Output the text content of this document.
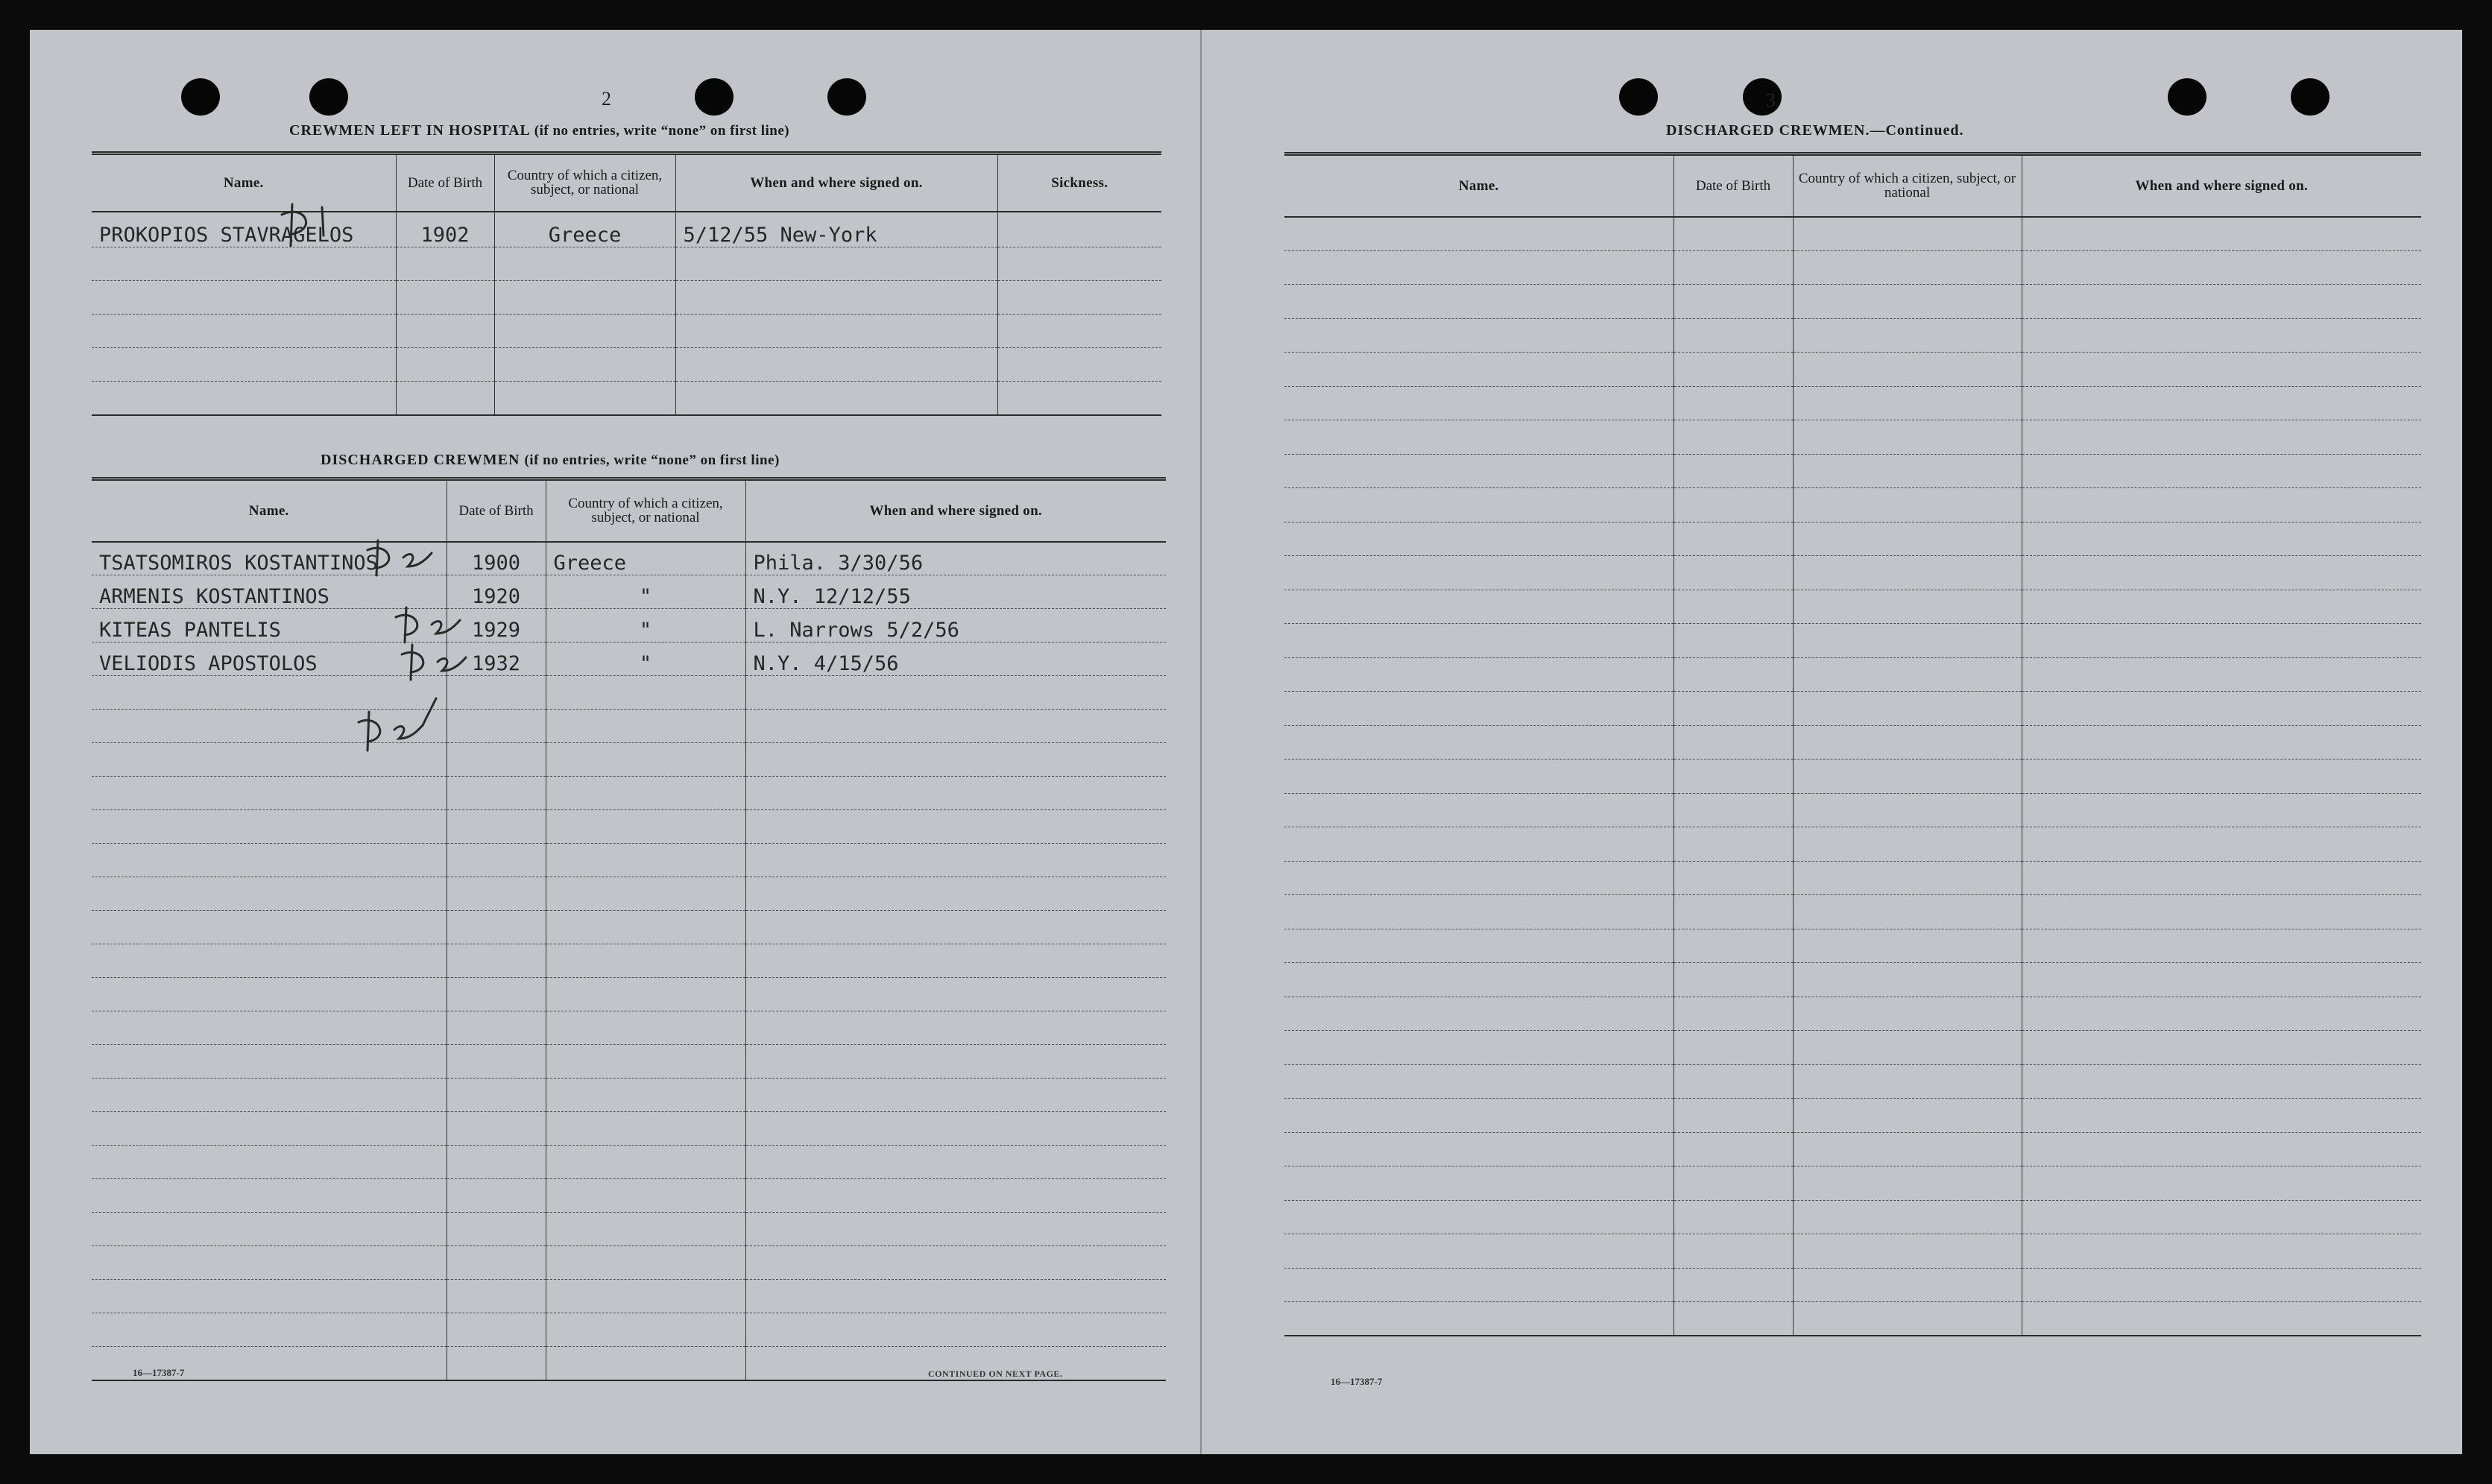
2
CREWMEN LEFT IN HOSPITAL (if no entries, write “none” on first line)
Name.	Date of Birth	Country of which a citizen, subject, or national	When and where signed on.	Sickness.
PROKOPIOS STAVRAGELOS	1902	Greece	5/12/55 New-York	

DISCHARGED CREWMEN (if no entries, write “none” on first line)
Name.	Date of Birth	Country of which a citizen, subject, or national	When and where signed on.
TSATSOMIROS KOSTANTINOS	1900	Greece	Phila. 3/30/56
ARMENIS KOSTANTINOS	1920	"	N.Y. 12/12/55
KITEAS PANTELIS	1929	"	L. Narrows 5/2/56
VELIODIS APOSTOLOS	1932	"	N.Y. 4/15/56

16—17387-7	CONTINUED ON NEXT PAGE.
3
DISCHARGED CREWMEN.—Continued.
Name.	Date of Birth	Country of which a citizen, subject, or national	When and where signed on.

16—17387-7
